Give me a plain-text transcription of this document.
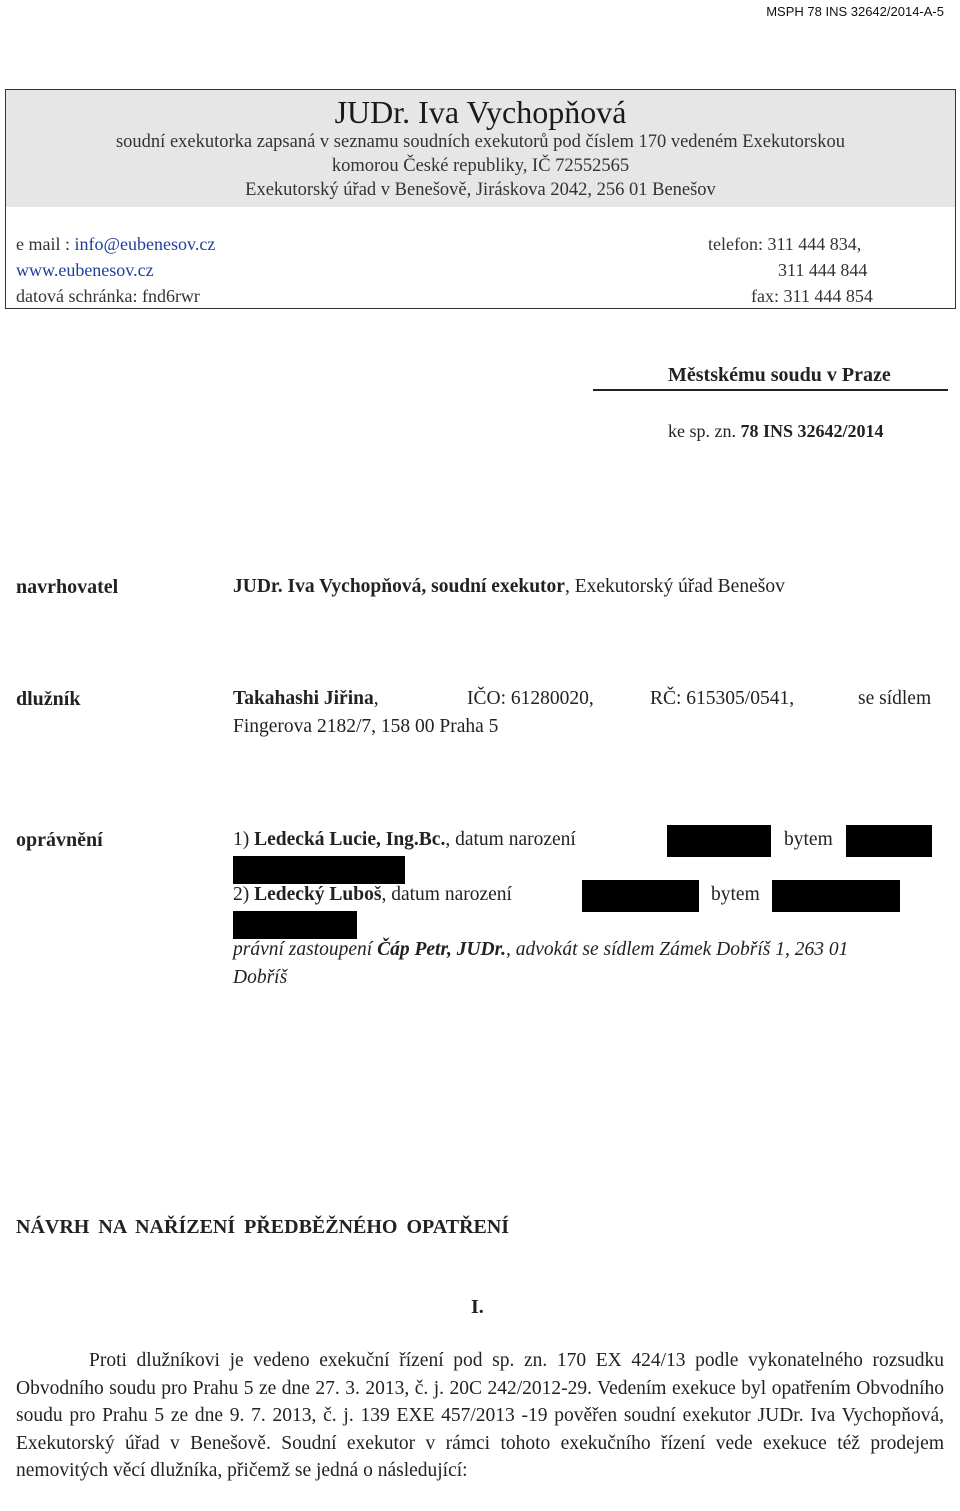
MSPH 78 INS 32642/2014-A-5
JUDr. Iva Vychopňová
soudní exekutorka zapsaná v seznamu soudních exekutorů pod číslem 170 vedeném Exekutorskou
komorou České republiky, IČ 72552565
Exekutorský úřad v Benešově, Jiráskova 2042, 256 01 Benešov
e mail : info@eubenesov.cz
www.eubenesov.cz
datová schránka: fnd6rwr
telefon: 311 444 834,
311 444 844
fax: 311 444 854
Městskému soudu v Praze
ke sp. zn. 78 INS 32642/2014
navrhovatel	JUDr. Iva Vychopňová, soudní exekutor, Exekutorský úřad Benešov
dlužník	Takahashi Jiřina,	IČO: 61280020,	RČ: 615305/0541,	se sídlem
Fingerova 2182/7, 158 00 Praha 5
oprávnění	1) Ledecká Lucie, Ing.Bc., datum narození	bytem
2) Ledecký Luboš, datum narození	bytem
právní zastoupení Čáp Petr, JUDr., advokát se sídlem Zámek Dobříš 1, 263 01
Dobříš
NÁVRH NA NAŘÍZENÍ PŘEDBĚŽNÉHO OPATŘENÍ
I.
Proti dlužníkovi je vedeno exekuční řízení pod sp. zn. 170 EX 424/13 podle vykonatelného rozsudku Obvodního soudu pro Prahu 5 ze dne 27. 3. 2013, č. j. 20C 242/2012-29. Vedením exekuce byl opatřením Obvodního soudu pro Prahu 5 ze dne 9. 7. 2013, č. j. 139 EXE 457/2013 -19 pověřen soudní exekutor JUDr. Iva Vychopňová, Exekutorský úřad v Benešově. Soudní exekutor v rámci tohoto exekučního řízení vede exekuce též prodejem nemovitých věcí dlužníka, přičemž se jedná o následující:
